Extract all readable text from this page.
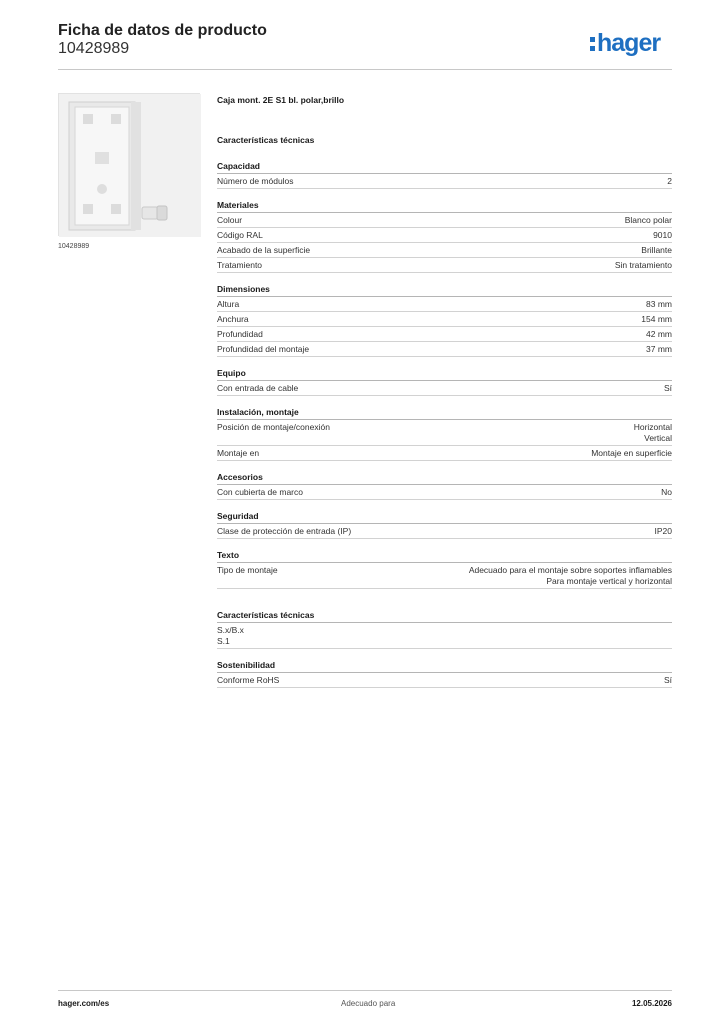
Ficha de datos de producto
10428989	hager
10428989
Caja mont. 2E S1 bl. polar,brillo
Características técnicas
Capacidad
Número de módulos	2
Materiales
Colour	Blanco polar
Código RAL	9010
Acabado de la superficie	Brillante
Tratamiento	Sin tratamiento
Dimensiones
Altura	83 mm
Anchura	154 mm
Profundidad	42 mm
Profundidad del montaje	37 mm
Equipo
Con entrada de cable	Sí
Instalación, montaje
Posición de montaje/conexión	Horizontal
Vertical
Montaje en	Montaje en superficie
Accesorios
Con cubierta de marco	No
Seguridad
Clase de protección de entrada (IP)	IP20
Texto
Tipo de montaje	Adecuado para el montaje sobre soportes inflamables
Para montaje vertical y horizontal
Características técnicas
S.x/B.x
S.1
Sostenibilidad
Conforme RoHS	Sí
hager.com/es	Adecuado para	12.05.2026
